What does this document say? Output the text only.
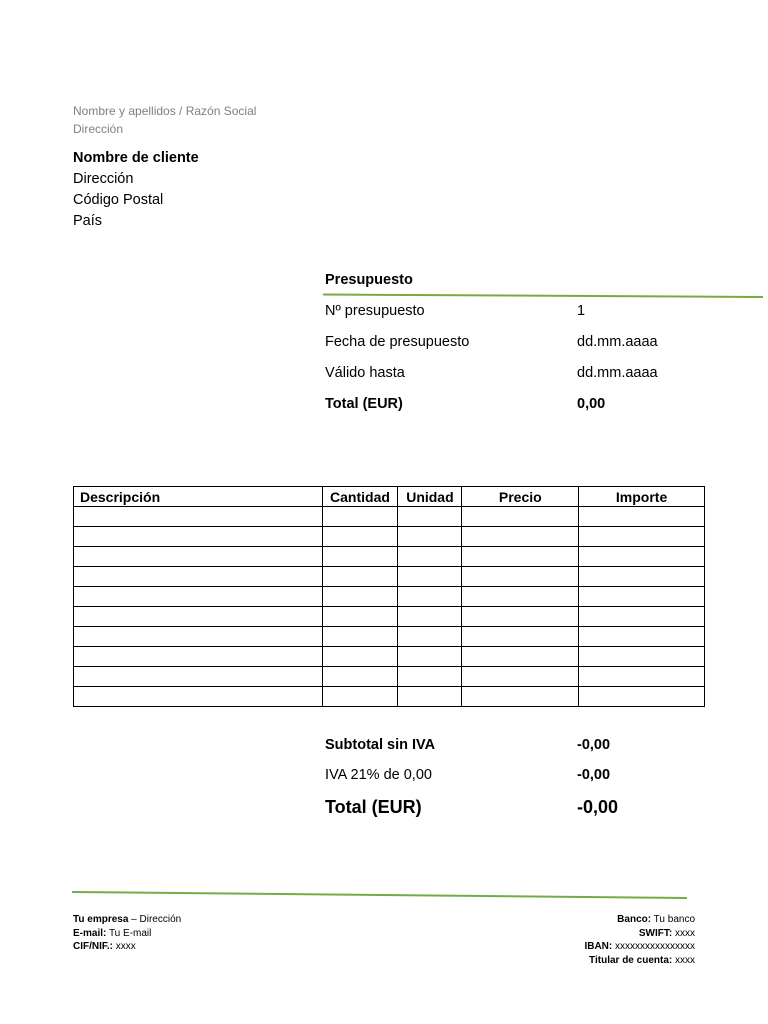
Nombre y apellidos / Razón Social
Dirección
Nombre de cliente
Dirección
Código Postal
País
Presupuesto
Nº presupuesto	1
Fecha de presupuesto	dd.mm.aaaa
Válido hasta	dd.mm.aaaa
Total (EUR)	0,00
Descripción	Cantidad	Unidad	Precio	Importe

Subtotal sin IVA	-0,00
IVA 21% de 0,00	-0,00
Total (EUR)	-0,00
Tu empresa – Dirección
E-mail: Tu E-mail
CIF/NIF.: xxxx
Banco: Tu banco
SWIFT: xxxx
IBAN: xxxxxxxxxxxxxxxx
Titular de cuenta: xxxx
